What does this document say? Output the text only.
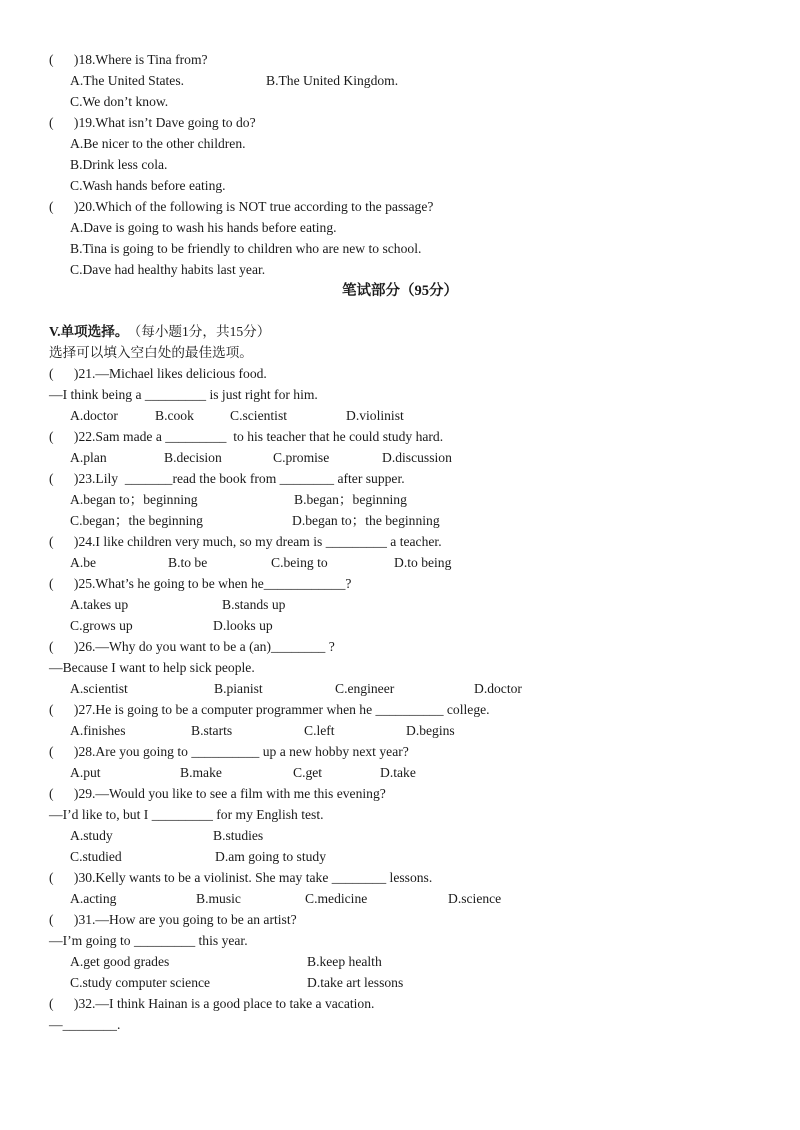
(      )18.Where is Tina from?
A.The United States.	B.The United Kingdom.
C.We don’t know.
(      )19.What isn’t Dave going to do?
A.Be nicer to the other children.
B.Drink less cola.
C.Wash hands before eating.
(      )20.Which of the following is NOT true according to the passage?
A.Dave is going to wash his hands before eating.
B.Tina is going to be friendly to children who are new to school.
C.Dave had healthy habits last year.
笔试部分（95分）
V.单项选择。 （每小题1分，共15分）
选择可以填入空白处的最佳选项。
(      )21.—Michael likes delicious food.
—I think being a _________ is just right for him.
A.doctor	B.cook	C.scientist	D.violinist
(      )22.Sam made a _________  to his teacher that he could study hard.
A.plan	B.decision	C.promise	D.discussion
(      )23.Lily  _______read the book from ________ after supper.
A.began to；beginning	B.began；beginning
C.began；the beginning	D.began to；the beginning
(      )24.I like children very much, so my dream is _________ a teacher.
A.be	B.to be	C.being to	D.to being
(      )25.What’s he going to be when he____________?
A.takes up	B.stands up
C.grows up	D.looks up
(      )26.—Why do you want to be a (an)________ ?
—Because I want to help sick people.
A.scientist	B.pianist	C.engineer	D.doctor
(      )27.He is going to be a computer programmer when he __________ college.
A.finishes	B.starts	C.left	D.begins
(      )28.Are you going to __________ up a new hobby next year?
A.put	B.make	C.get	D.take
(      )29.—Would you like to see a film with me this evening?
—I’d like to, but I _________ for my English test.
A.study	B.studies
C.studied	D.am going to study
(      )30.Kelly wants to be a violinist. She may take ________ lessons.
A.acting	B.music	C.medicine	D.science
(      )31.—How are you going to be an artist?
—I’m going to _________ this year.
A.get good grades	B.keep health
C.study computer science	D.take art lessons
(      )32.—I think Hainan is a good place to take a vacation.
—________.
